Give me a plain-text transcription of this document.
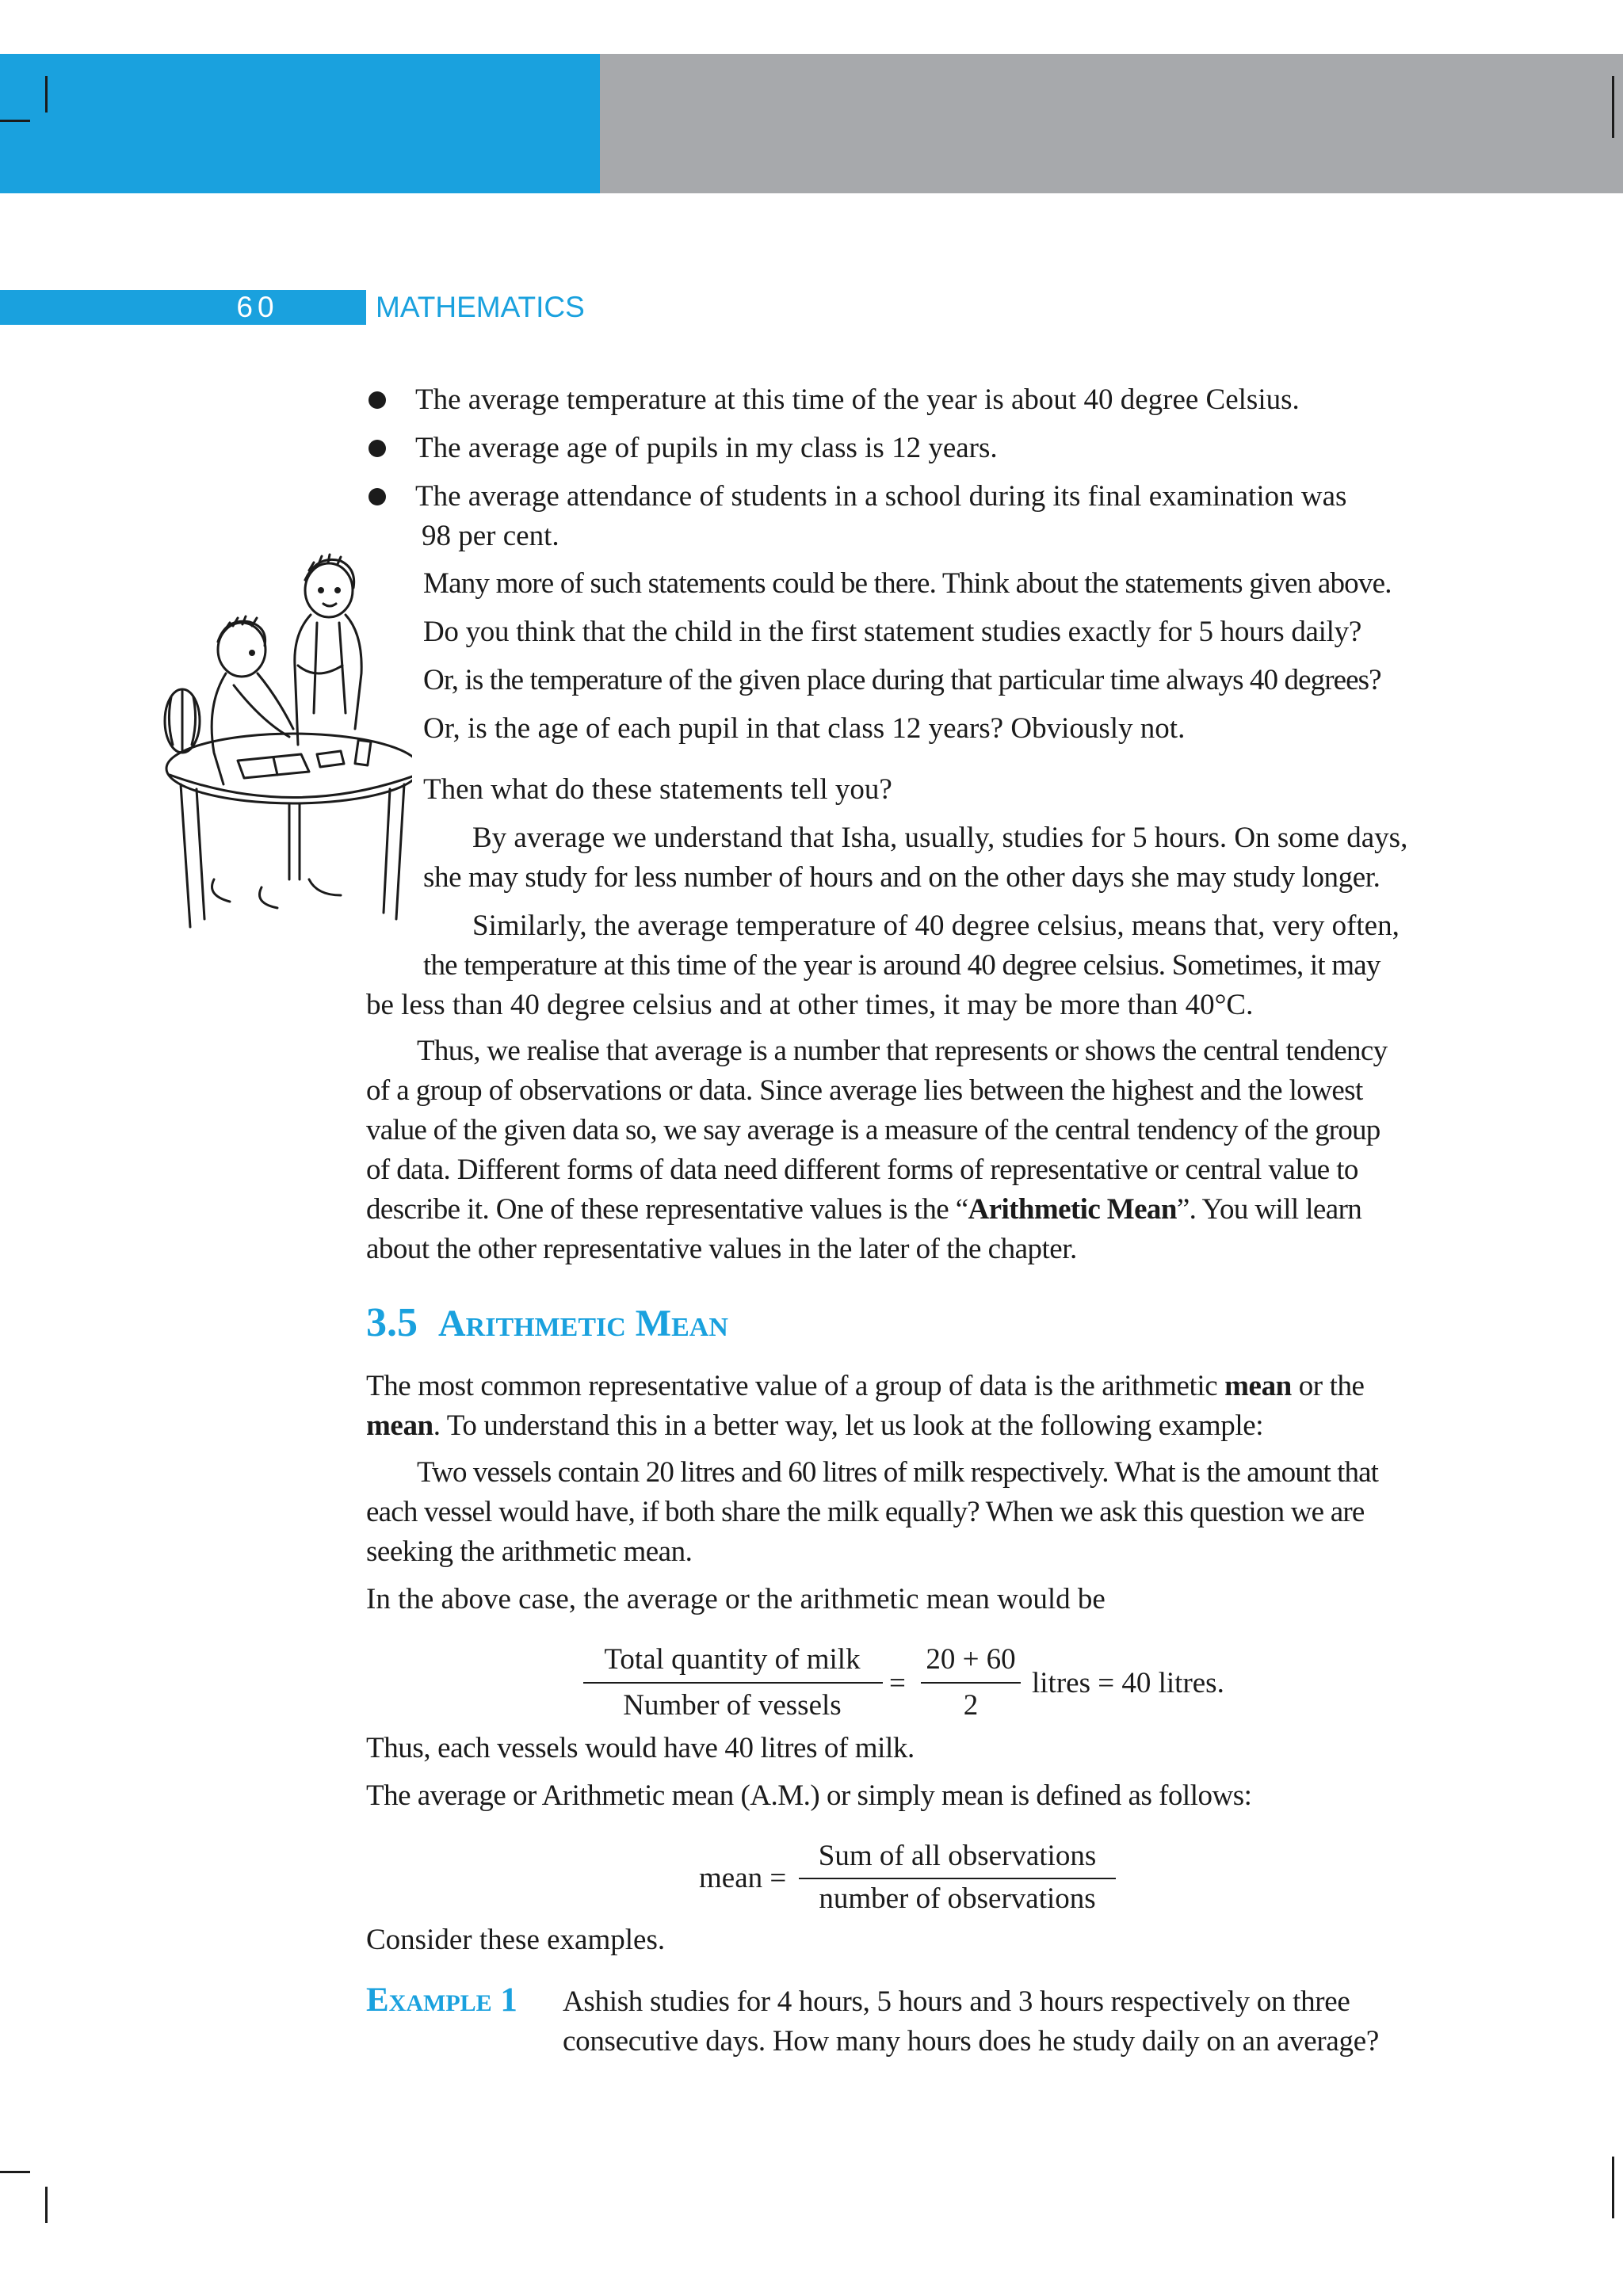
60	MATHEMATICS
The average temperature at this time of the year is about 40 degree Celsius.
The average age of pupils in my class is 12 years.
The average attendance of students in a school during its final examination was
98 per cent.
Many more of such statements could be there. Think about the statements given above.
Do you think that the child in the first statement studies exactly for 5 hours daily?
Or, is the temperature of the given place during that particular time always 40 degrees?
Or, is the age of each pupil in that class 12 years? Obviously not.
Then what do these statements tell you?
By average we understand that Isha, usually, studies for 5 hours. On some days,
she may study for less number of hours and on the other days she may study longer.
Similarly, the average temperature of 40 degree celsius, means that, very often,
the temperature at this time of the year is around 40 degree celsius. Sometimes, it may
be less than 40 degree celsius and at other times, it may be more than 40°C.
Thus, we realise that average is a number that represents or shows the central tendency
of a group of observations or data. Since average lies between the highest and the lowest
value of the given data so, we say average is a measure of the central tendency of the group
of data. Different forms of data need different forms of representative or central value to
describe it. One of these representative values is the “Arithmetic Mean”. You will learn
about the other representative values in the later of the chapter.
3.5 Arithmetic Mean
The most common representative value of a group of data is the arithmetic mean or the
mean. To understand this in a better way, let us look at the following example:
Two vessels contain 20 litres and 60 litres of milk respectively. What is the amount that
each vessel would have, if both share the milk equally? When we ask this question we are
seeking the arithmetic mean.
In the above case, the average or the arithmetic mean would be
Total quantity of milk
Number of vessels
=
20 + 60
2
litres = 40 litres.
Thus, each vessels would have 40 litres of milk.
The average or Arithmetic mean (A.M.) or simply mean is defined as follows:
mean =
Sum of all observations
number of observations
Consider these examples.
Example 1 Ashish studies for 4 hours, 5 hours and 3 hours respectively on three
consecutive days. How many hours does he study daily on an average?
